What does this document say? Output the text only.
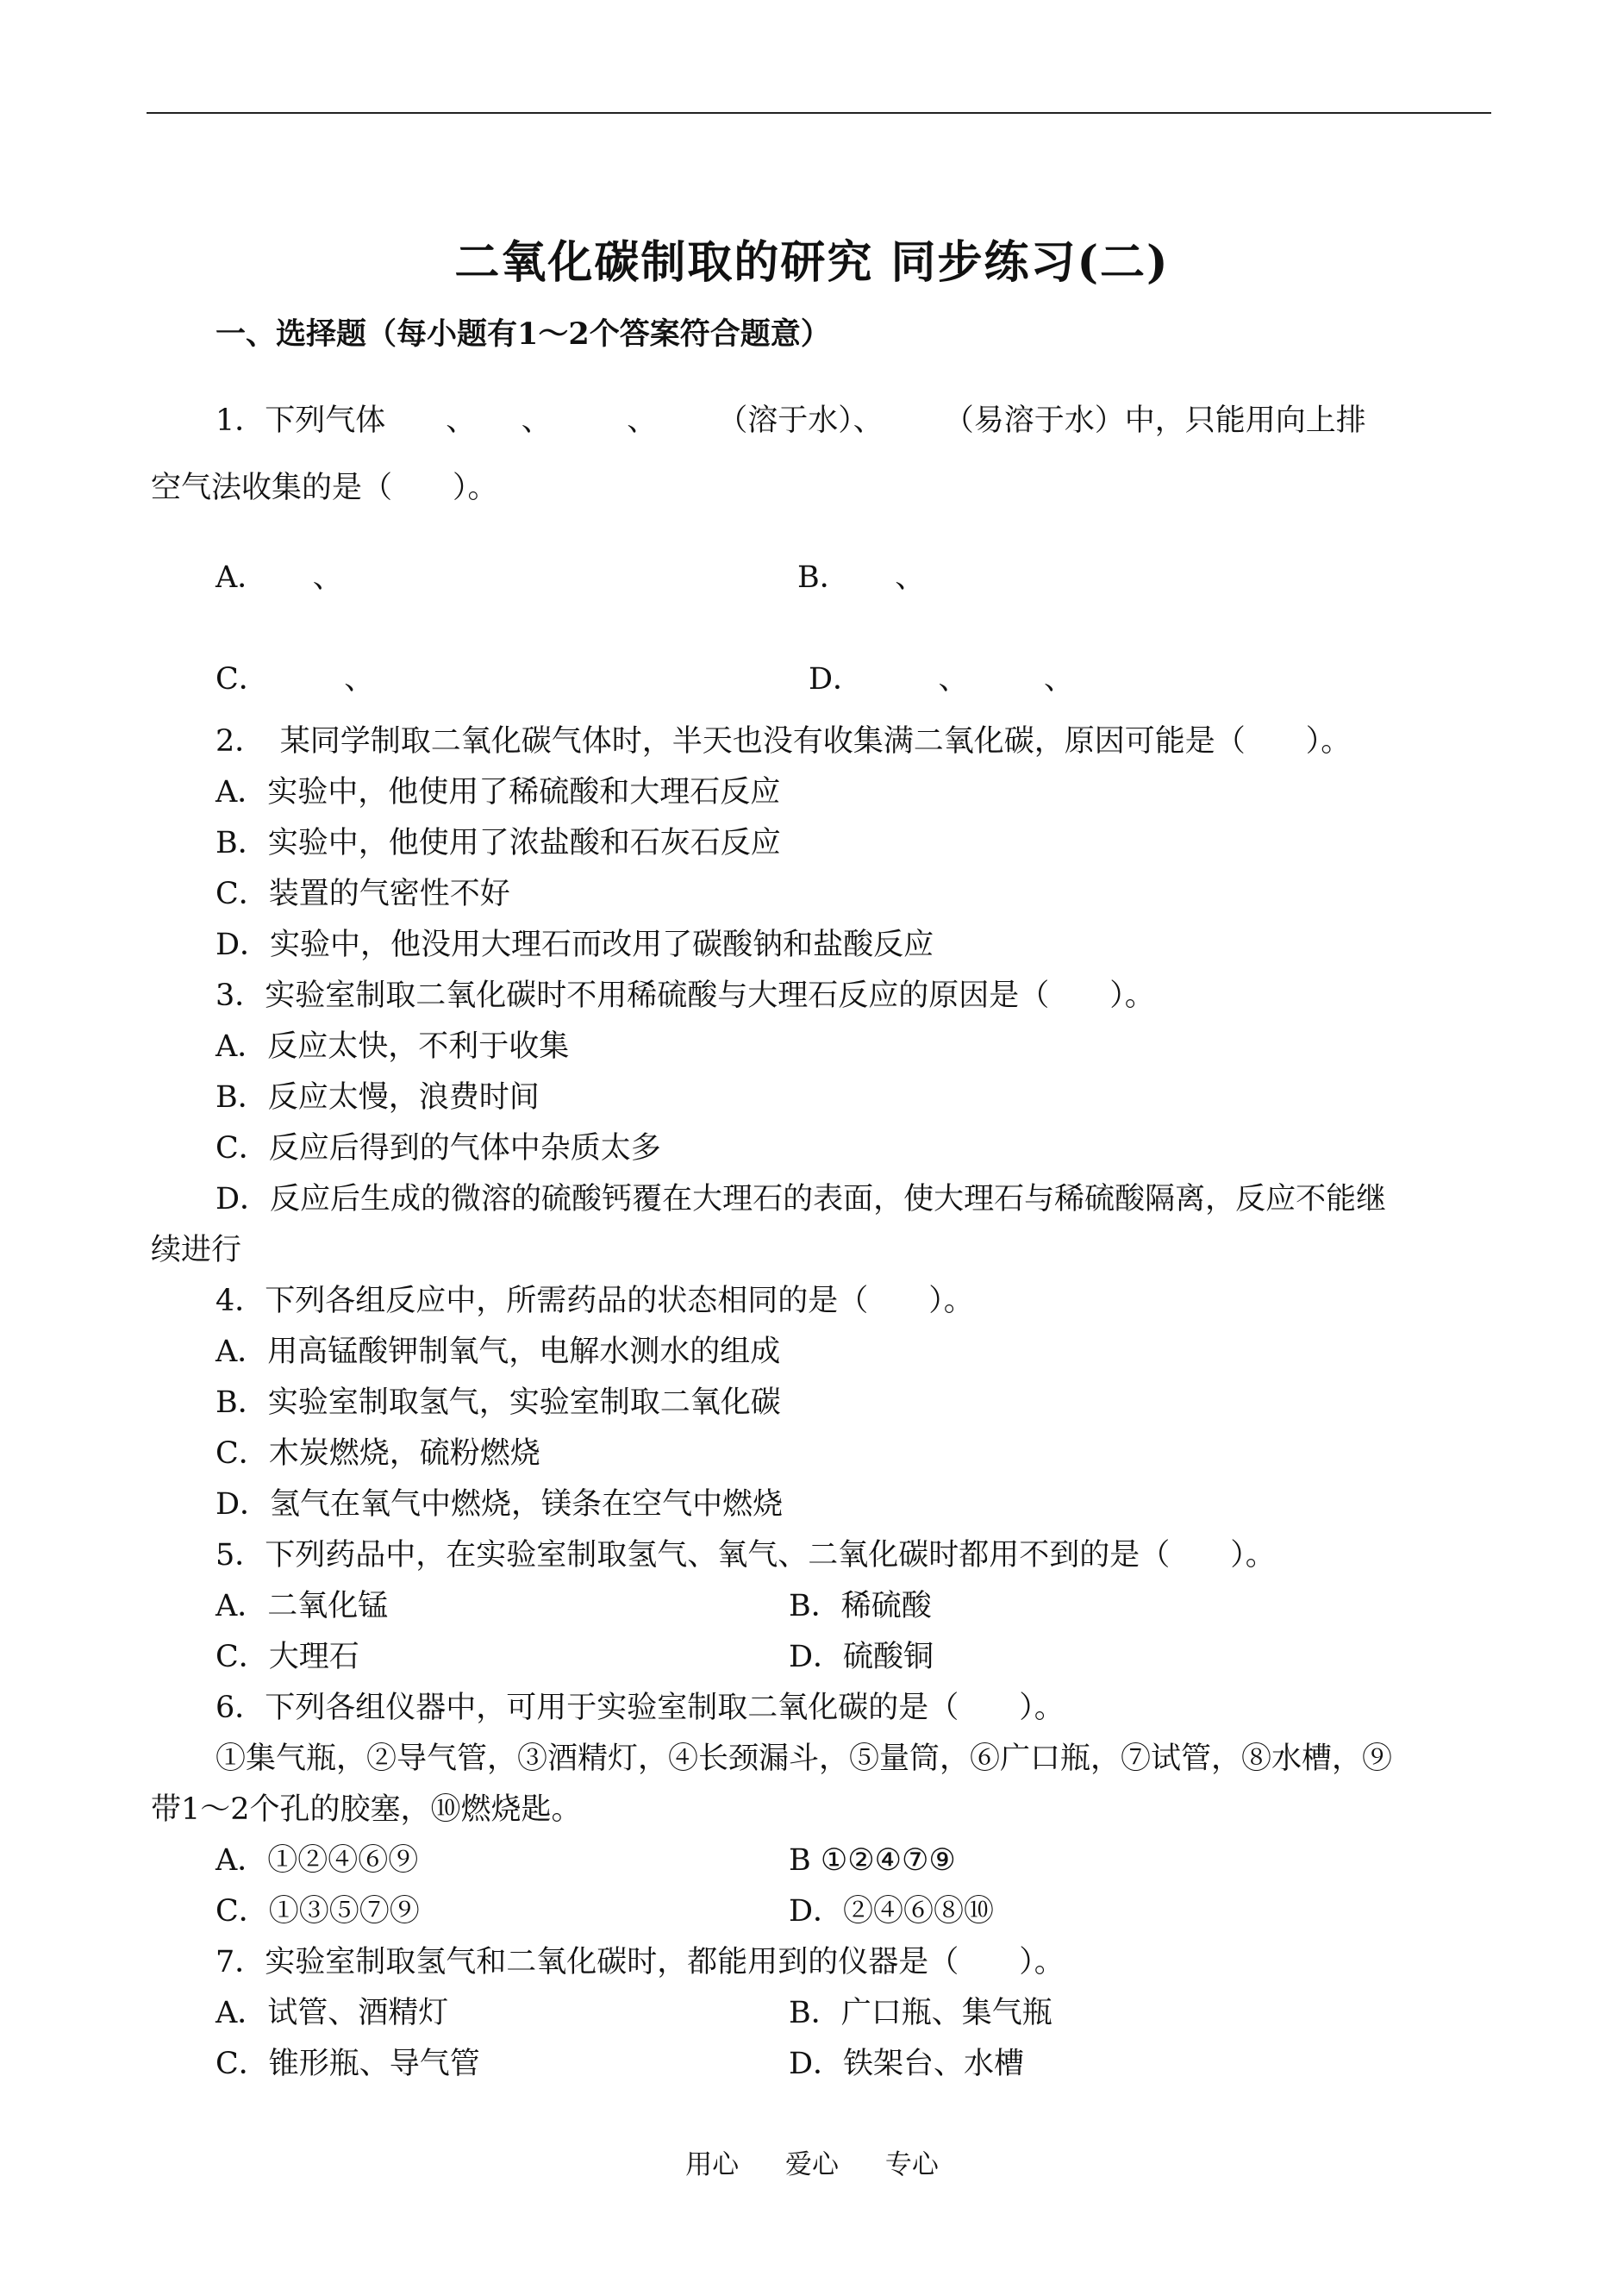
二氧化碳制取的研究 同步练习(二)
一、选择题（每小题有1～2个答案符合题意）
1．下列气体　　、　　、　　　、　　　（溶于水）、　　　（易溶于水）中，只能用向上排
空气法收集的是（　　）。
A．　　、	B．　　、
C．　　　、	D．　　　、　　　、
2．　某同学制取二氧化碳气体时，半天也没有收集满二氧化碳，原因可能是（　　）。
A．实验中，他使用了稀硫酸和大理石反应
B．实验中，他使用了浓盐酸和石灰石反应
C．装置的气密性不好
D．实验中，他没用大理石而改用了碳酸钠和盐酸反应
3．实验室制取二氧化碳时不用稀硫酸与大理石反应的原因是（　　）。
A．反应太快，不利于收集
B．反应太慢，浪费时间
C．反应后得到的气体中杂质太多
D．反应后生成的微溶的硫酸钙覆在大理石的表面，使大理石与稀硫酸隔离，反应不能继
续进行
4．下列各组反应中，所需药品的状态相同的是（　　）。
A．用高锰酸钾制氧气，电解水测水的组成
B．实验室制取氢气，实验室制取二氧化碳
C．木炭燃烧，硫粉燃烧
D．氢气在氧气中燃烧，镁条在空气中燃烧
5．下列药品中，在实验室制取氢气、氧气、二氧化碳时都用不到的是（　　）。
A．二氧化锰	B．稀硫酸
C．大理石	D．硫酸铜
6．下列各组仪器中，可用于实验室制取二氧化碳的是（　　）。
①集气瓶，②导气管，③酒精灯，④长颈漏斗，⑤量筒，⑥广口瓶，⑦试管，⑧水槽，⑨
带1～2个孔的胶塞，⑩燃烧匙。
A．①②④⑥⑨	B ①②④⑦⑨
C．①③⑤⑦⑨	D．②④⑥⑧⑩
7．实验室制取氢气和二氧化碳时，都能用到的仪器是（　　）。
A．试管、酒精灯	B．广口瓶、集气瓶
C．锥形瓶、导气管	D．铁架台、水槽
用心 爱心 专心
